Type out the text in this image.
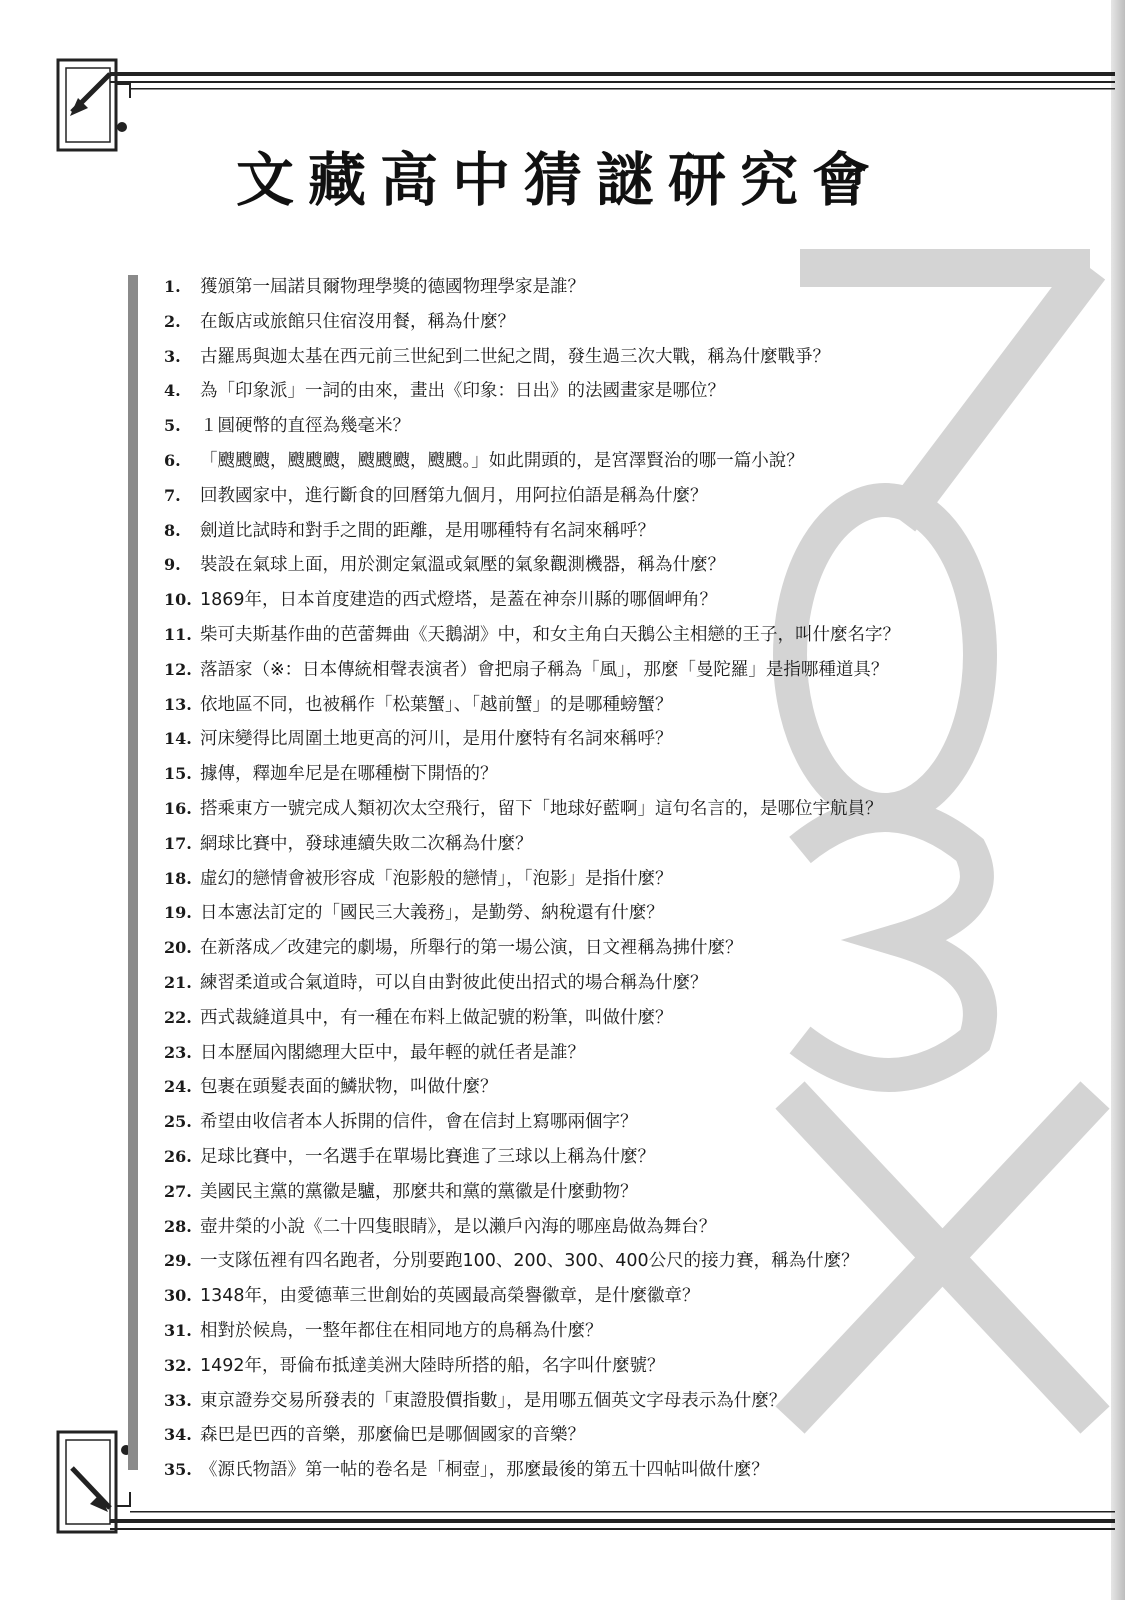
文藏高中猜謎研究會
1. 獲頒第一屆諾貝爾物理學獎的德國物理學家是誰？
2. 在飯店或旅館只住宿沒用餐，稱為什麼？
3. 古羅馬與迦太基在西元前三世紀到二世紀之間，發生過三次大戰，稱為什麼戰爭？
4. 為「印象派」一詞的由來，畫出《印象：日出》的法國畫家是哪位？
5. １圓硬幣的直徑為幾毫米？
6. 「颼颼颼，颼颼颼，颼颼颼，颼颼。」如此開頭的，是宮澤賢治的哪一篇小說？
7. 回教國家中，進行斷食的回曆第九個月，用阿拉伯語是稱為什麼？
8. 劍道比試時和對手之間的距離，是用哪種特有名詞來稱呼？
9. 裝設在氣球上面，用於測定氣溫或氣壓的氣象觀測機器，稱為什麼？
10. 1869年，日本首度建造的西式燈塔，是蓋在神奈川縣的哪個岬角？
11. 柴可夫斯基作曲的芭蕾舞曲《天鵝湖》中，和女主角白天鵝公主相戀的王子，叫什麼名字？
12. 落語家（※：日本傳統相聲表演者）會把扇子稱為「風」，那麼「曼陀羅」是指哪種道具？
13. 依地區不同，也被稱作「松葉蟹」、「越前蟹」的是哪種螃蟹？
14. 河床變得比周圍土地更高的河川，是用什麼特有名詞來稱呼？
15. 據傳，釋迦牟尼是在哪種樹下開悟的？
16. 搭乘東方一號完成人類初次太空飛行，留下「地球好藍啊」這句名言的，是哪位宇航員？
17. 網球比賽中，發球連續失敗二次稱為什麼？
18. 虛幻的戀情會被形容成「泡影般的戀情」，「泡影」是指什麼？
19. 日本憲法訂定的「國民三大義務」，是勤勞、納稅還有什麼？
20. 在新落成／改建完的劇場，所舉行的第一場公演，日文裡稱為拂什麼？
21. 練習柔道或合氣道時，可以自由對彼此使出招式的場合稱為什麼？
22. 西式裁縫道具中，有一種在布料上做記號的粉筆，叫做什麼？
23. 日本歷屆內閣總理大臣中，最年輕的就任者是誰？
24. 包裹在頭髮表面的鱗狀物，叫做什麼？
25. 希望由收信者本人拆開的信件，會在信封上寫哪兩個字？
26. 足球比賽中，一名選手在單場比賽進了三球以上稱為什麼？
27. 美國民主黨的黨徽是驢，那麼共和黨的黨徽是什麼動物？
28. 壺井榮的小說《二十四隻眼睛》，是以瀨戶內海的哪座島做為舞台？
29. 一支隊伍裡有四名跑者，分別要跑100、200、300、400公尺的接力賽，稱為什麼？
30. 1348年，由愛德華三世創始的英國最高榮譽徽章，是什麼徽章？
31. 相對於候鳥，一整年都住在相同地方的鳥稱為什麼？
32. 1492年，哥倫布抵達美洲大陸時所搭的船，名字叫什麼號？
33. 東京證券交易所發表的「東證股價指數」，是用哪五個英文字母表示為什麼？
34. 森巴是巴西的音樂，那麼倫巴是哪個國家的音樂？
35. 《源氏物語》第一帖的卷名是「桐壺」，那麼最後的第五十四帖叫做什麼？
